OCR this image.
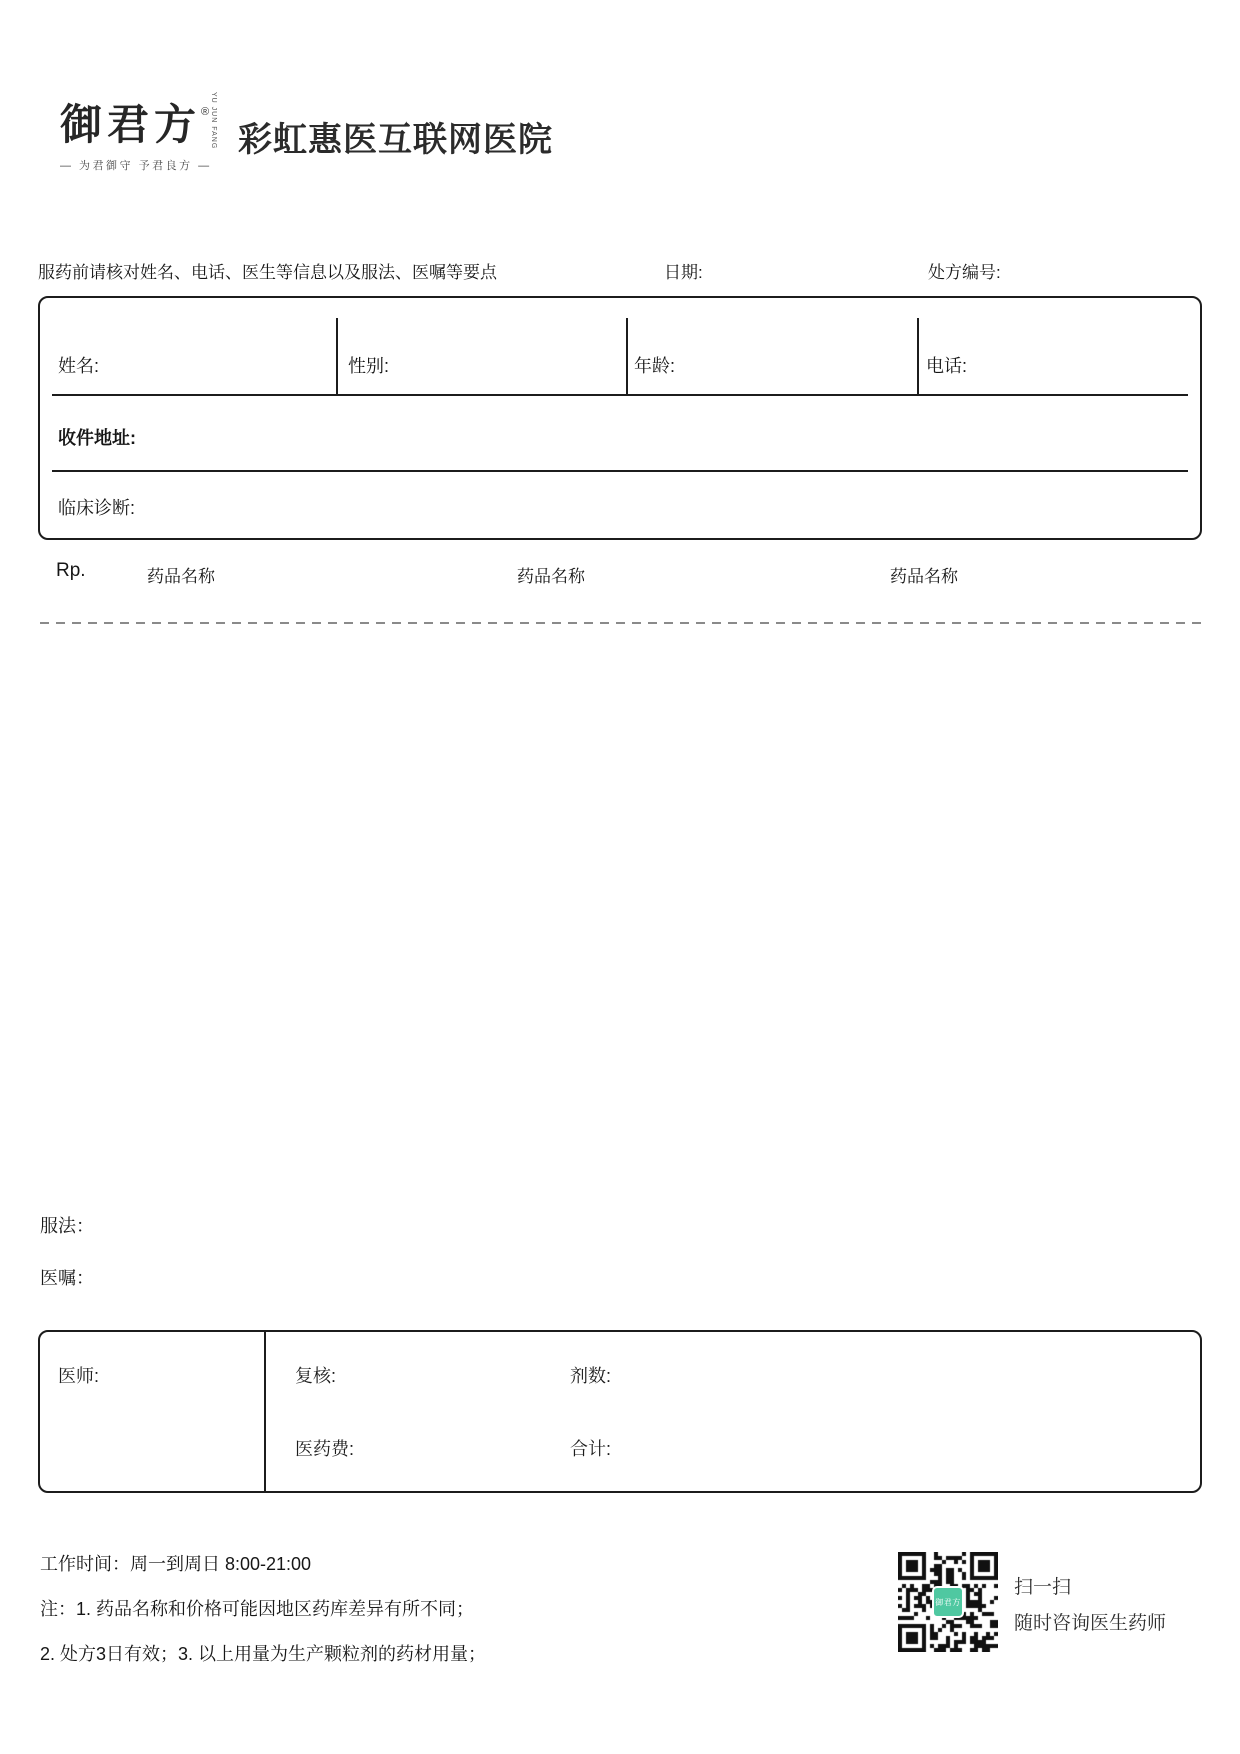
御君方®YU JUN FANG
— 为君御守 予君良方 —
彩虹惠医互联网医院
服药前请核对姓名、电话、医生等信息以及服法、医嘱等要点	日期:	处方编号:
姓名:	性别:	年龄:	电话:
收件地址:
临床诊断:
Rp.	药品名称	药品名称	药品名称
服法：
医嘱：
医师:	复核:	剂数:
医药费:	合计:
工作时间：周一到周日 8:00-21:00
注：1. 药品名称和价格可能因地区药库差异有所不同；
2. 处方3日有效；3. 以上用量为生产颗粒剂的药材用量；
御君方
扫一扫
随时咨询医生药师
